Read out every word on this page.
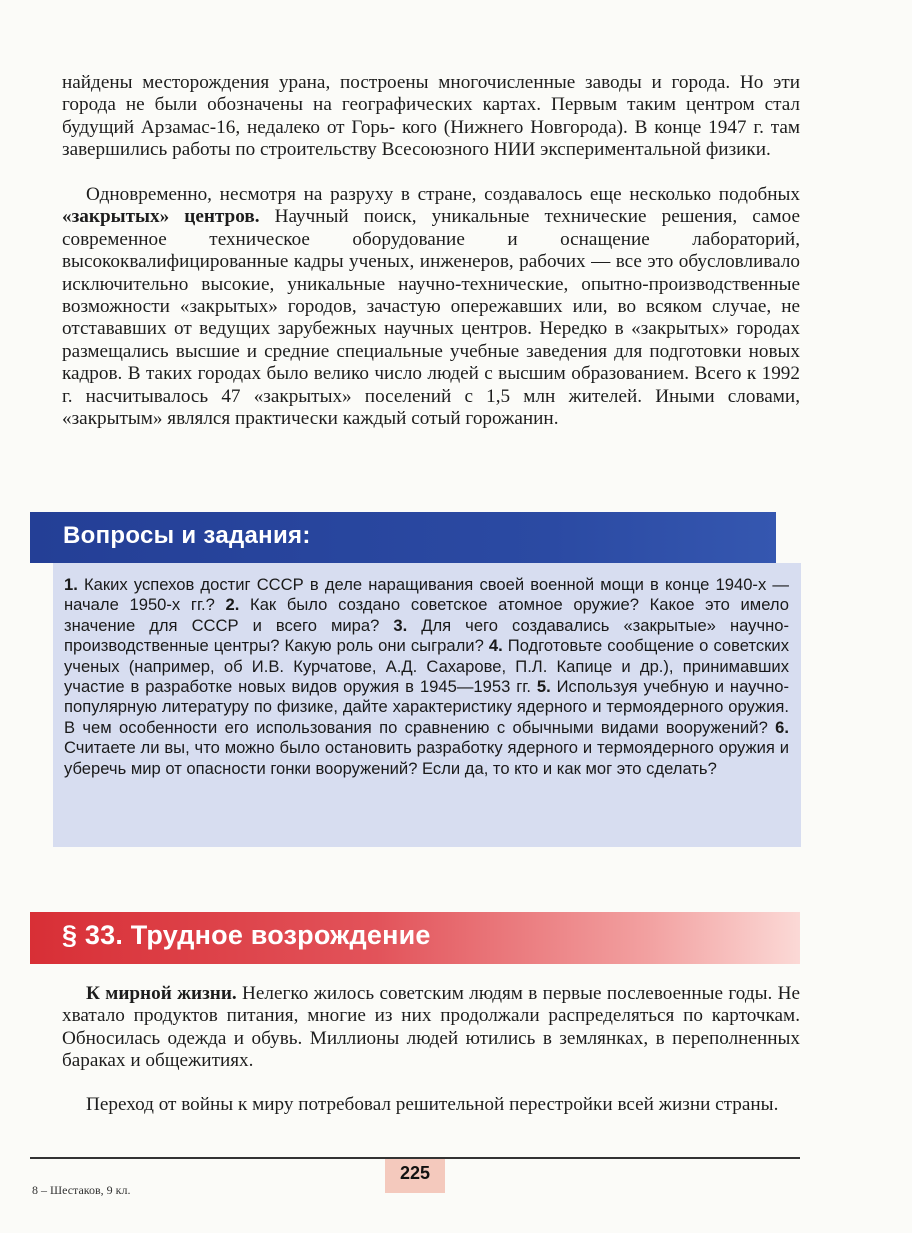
найдены месторождения урана, построены многочисленные заводы и города. Но эти города не были обозначены на географических картах. Первым таким центром стал будущий Арзамас-16, недалеко от Горь- кого (Нижнего Новгорода). В конце 1947 г. там завершились работы по строительству Всесоюзного НИИ экспериментальной физики.

Одновременно, несмотря на разруху в стране, создавалось еще несколько подобных «закрытых» центров. Научный поиск, уникальные технические решения, самое современное техническое оборудование и оснащение лабораторий, высококвалифицированные кадры ученых, инженеров, рабочих — все это обусловливало исключительно высокие, уникальные научно-технические, опытно-производственные возможности «закрытых» городов, зачастую опережавших или, во всяком случае, не отстававших от ведущих зарубежных научных центров. Нередко в «закрытых» городах размещались высшие и средние специальные учебные заведения для подготовки новых кадров. В таких городах было велико число людей с высшим образованием. Всего к 1992 г. насчитывалось 47 «закрытых» поселений с 1,5 млн жителей. Иными словами, «закрытым» являлся практически каждый сотый горожанин.

Вопросы и задания:

1. Каких успехов достиг СССР в деле наращивания своей военной мощи в конце 1940-х — начале 1950-х гг.? 2. Как было создано советское атомное оружие? Какое это имело значение для СССР и всего мира? 3. Для чего создавались «закрытые» научно-производственные центры? Какую роль они сыграли? 4. Подготовьте сообщение о советских ученых (например, об И.В. Курчатове, А.Д. Сахарове, П.Л. Капице и др.), принимавших участие в разработке новых видов оружия в 1945—1953 гг. 5. Используя учебную и научно-популярную литературу по физике, дайте характеристику ядерного и термоядерного оружия. В чем особенности его использования по сравнению с обычными видами вооружений? 6. Считаете ли вы, что можно было остановить разработку ядерного и термоядерного оружия и уберечь мир от опасности гонки вооружений? Если да, то кто и как мог это сделать?

§ 33. Трудное возрождение

К мирной жизни. Нелегко жилось советским людям в первые послевоенные годы. Не хватало продуктов питания, многие из них продолжали распределяться по карточкам. Обносилась одежда и обувь. Миллионы людей ютились в землянках, в переполненных бараках и общежитиях.

Переход от войны к миру потребовал решительной перестройки всей жизни страны.

225
8 – Шестаков, 9 кл.
